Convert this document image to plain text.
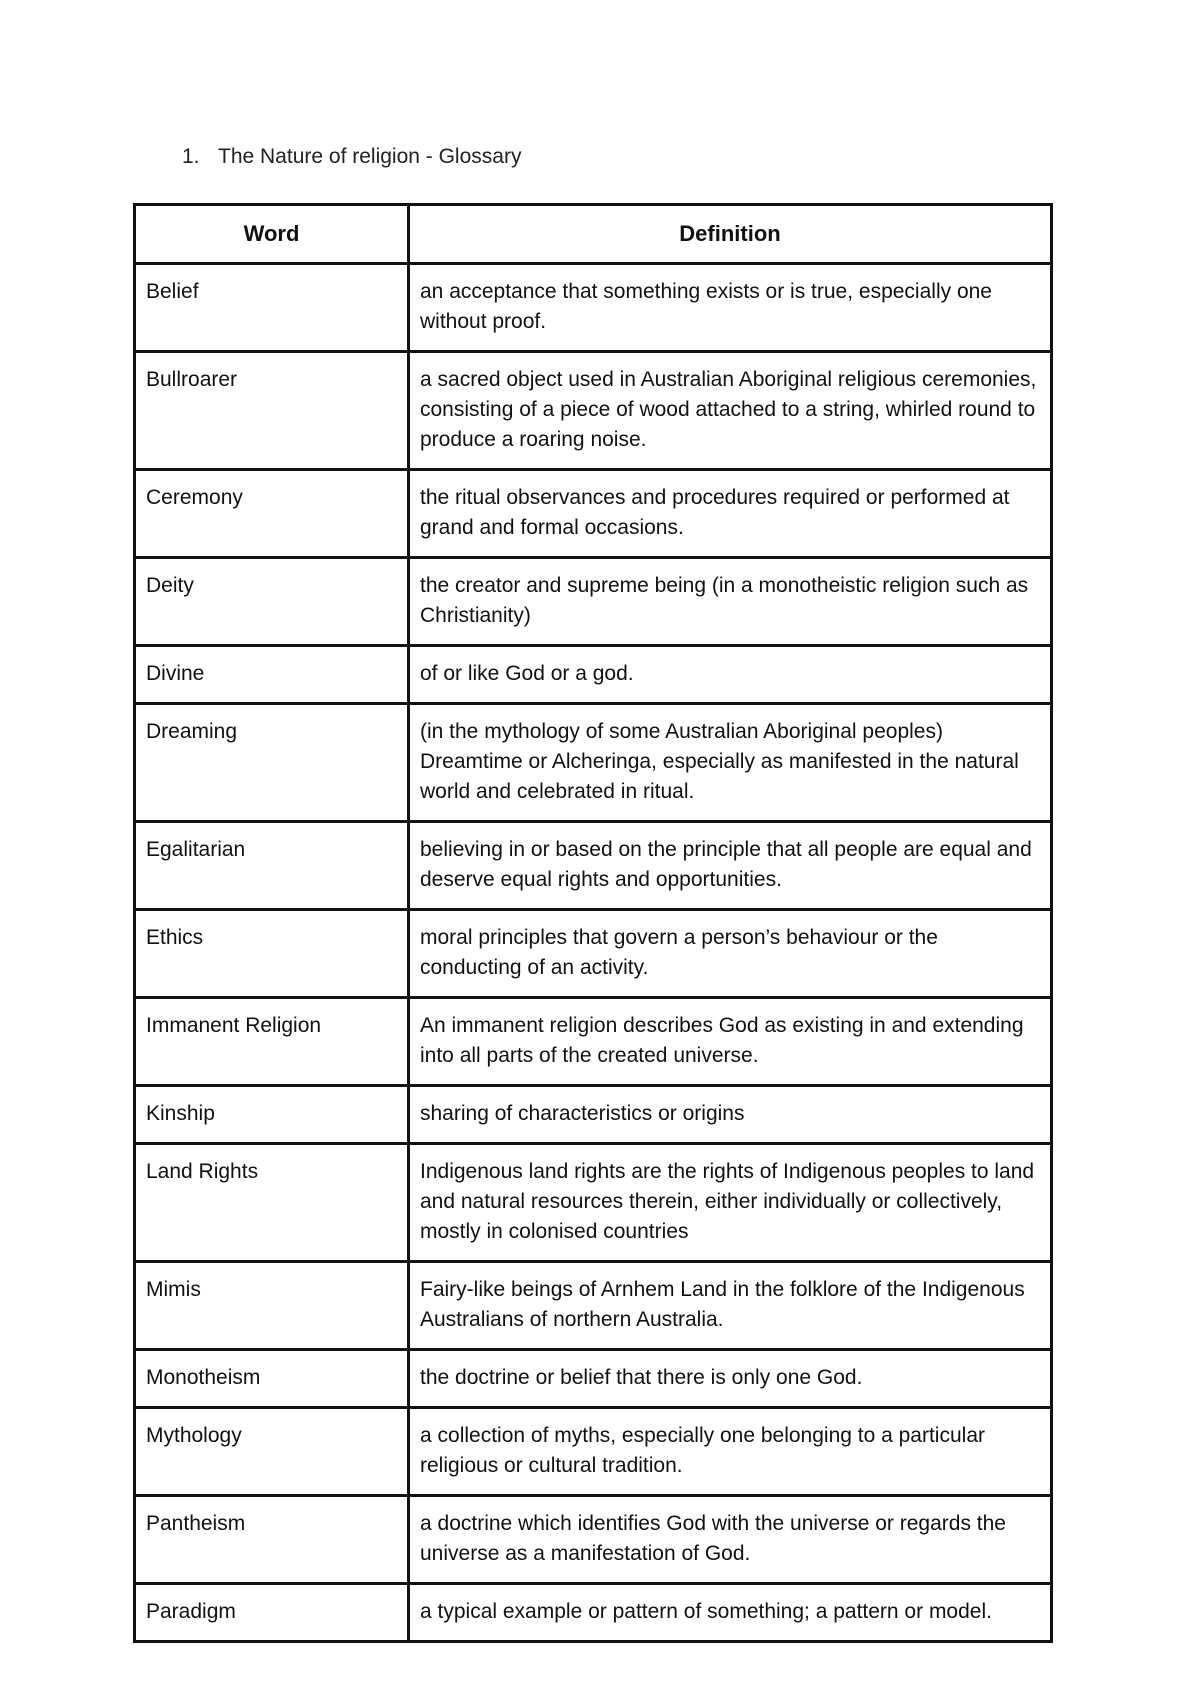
1. The Nature of religion - Glossary
Word	Definition
Belief	an acceptance that something exists or is true, especially one without proof.
Bullroarer	a sacred object used in Australian Aboriginal religious ceremonies, consisting of a piece of wood attached to a string, whirled round to produce a roaring noise.
Ceremony	the ritual observances and procedures required or performed at grand and formal occasions.
Deity	the creator and supreme being (in a monotheistic religion such as Christianity)
Divine	of or like God or a god.
Dreaming	(in the mythology of some Australian Aboriginal peoples) Dreamtime or Alcheringa, especially as manifested in the natural world and celebrated in ritual.
Egalitarian	believing in or based on the principle that all people are equal and deserve equal rights and opportunities.
Ethics	moral principles that govern a person’s behaviour or the conducting of an activity.
Immanent Religion	An immanent religion describes God as existing in and extending into all parts of the created universe.
Kinship	sharing of characteristics or origins
Land Rights	Indigenous land rights are the rights of Indigenous peoples to land and natural resources therein, either individually or collectively, mostly in colonised countries
Mimis	Fairy-like beings of Arnhem Land in the folklore of the Indigenous Australians of northern Australia.
Monotheism	the doctrine or belief that there is only one God.
Mythology	a collection of myths, especially one belonging to a particular religious or cultural tradition.
Pantheism	a doctrine which identifies God with the universe or regards the universe as a manifestation of God.
Paradigm	a typical example or pattern of something; a pattern or model.
